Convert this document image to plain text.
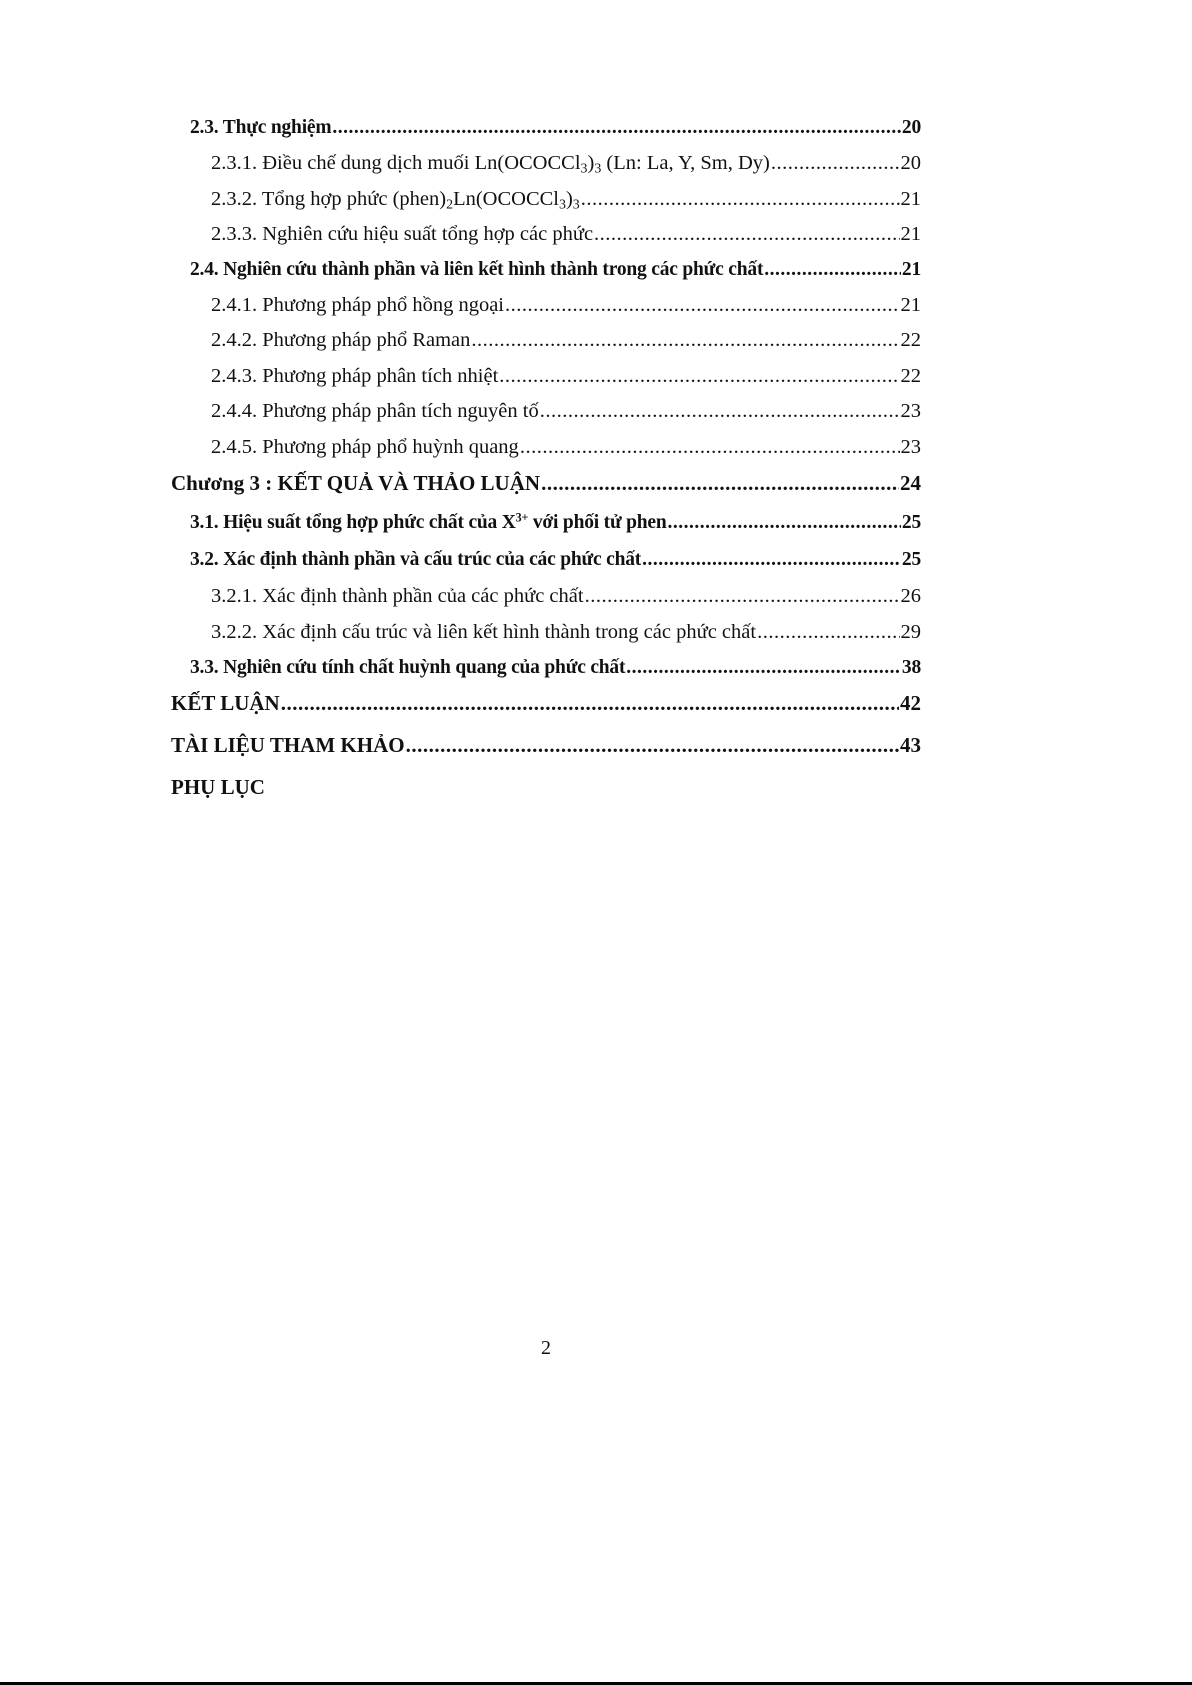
2.3. Thực nghiệm .....	20
2.3.1. Điều chế dung dịch muối $Ln(OCOCCl_3)_3$ (Ln: La, Y, Sm, Dy) .....	20
2.3.2. Tổng hợp phức $(phen)_2Ln(OCOCCl_3)_3$ .....	21
2.3.3. Nghiên cứu hiệu suất tổng hợp các phức .....	21
2.4. Nghiên cứu thành phần và liên kết hình thành trong các phức chất .....	21
2.4.1. Phương pháp phổ hồng ngoại .....	21
2.4.2. Phương pháp phổ Raman .....	22
2.4.3. Phương pháp phân tích nhiệt .....	22
2.4.4. Phương pháp phân tích nguyên tố .....	23
2.4.5. Phương pháp phổ huỳnh quang .....	23
Chương 3 : KẾT QUẢ VÀ THẢO LUẬN .....	24
3.1. Hiệu suất tổng hợp phức chất của $X^{3+}$ với phối tử phen .....	25
3.2. Xác định thành phần và cấu trúc của các phức chất .....	25
3.2.1. Xác định thành phần của các phức chất .....	26
3.2.2. Xác định cấu trúc và liên kết hình thành trong các phức chất .....	29
3.3. Nghiên cứu tính chất huỳnh quang của phức chất .....	38
KẾT LUẬN .....	42
TÀI LIỆU THAM KHẢO .....	43
PHỤ LỤC
2
